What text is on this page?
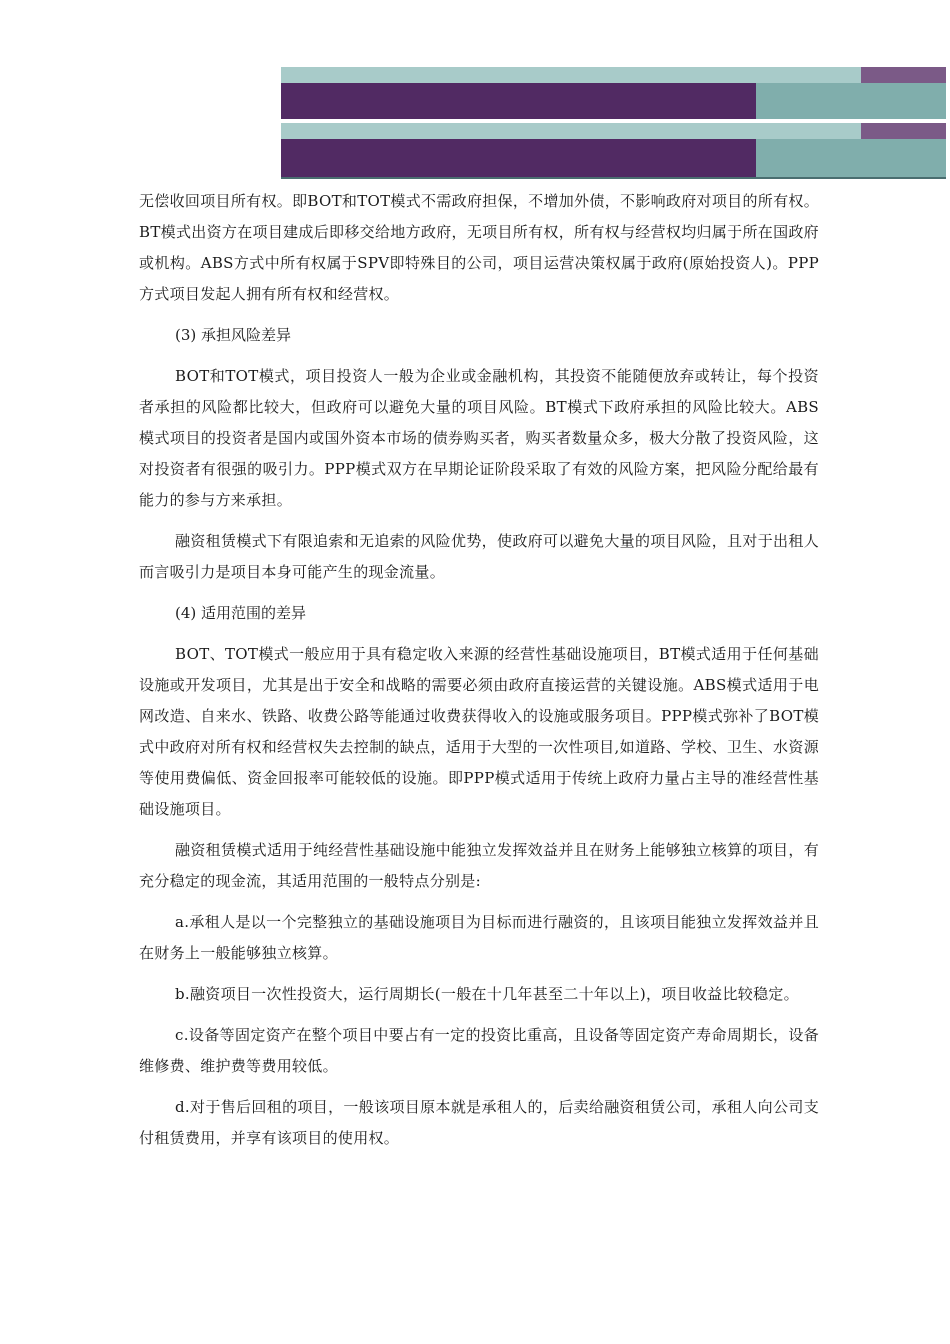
无偿收回项目所有权。即BOT和TOT模式不需政府担保，不增加外债，不影响政府对项目的所有权。BT模式出资方在项目建成后即移交给地方政府，无项目所有权，所有权与经营权均归属于所在国政府或机构。ABS方式中所有权属于SPV即特殊目的公司，项目运营决策权属于政府(原始投资人)。PPP方式项目发起人拥有所有权和经营权。

(3) 承担风险差异

BOT和TOT模式，项目投资人一般为企业或金融机构，其投资不能随便放弃或转让，每个投资者承担的风险都比较大，但政府可以避免大量的项目风险。BT模式下政府承担的风险比较大。ABS模式项目的投资者是国内或国外资本市场的债券购买者，购买者数量众多，极大分散了投资风险，这对投资者有很强的吸引力。PPP模式双方在早期论证阶段采取了有效的风险方案，把风险分配给最有能力的参与方来承担。

融资租赁模式下有限追索和无追索的风险优势，使政府可以避免大量的项目风险，且对于出租人而言吸引力是项目本身可能产生的现金流量。

(4) 适用范围的差异

BOT、TOT模式一般应用于具有稳定收入来源的经营性基础设施项目，BT模式适用于任何基础设施或开发项目，尤其是出于安全和战略的需要必须由政府直接运营的关键设施。ABS模式适用于电网改造、自来水、铁路、收费公路等能通过收费获得收入的设施或服务项目。PPP模式弥补了BOT模式中政府对所有权和经营权失去控制的缺点，适用于大型的一次性项目,如道路、学校、卫生、水资源等使用费偏低、资金回报率可能较低的设施。即PPP模式适用于传统上政府力量占主导的准经营性基础设施项目。

融资租赁模式适用于纯经营性基础设施中能独立发挥效益并且在财务上能够独立核算的项目，有充分稳定的现金流，其适用范围的一般特点分别是:

a.承租人是以一个完整独立的基础设施项目为目标而进行融资的，且该项目能独立发挥效益并且在财务上一般能够独立核算。

b.融资项目一次性投资大，运行周期长(一般在十几年甚至二十年以上)，项目收益比较稳定。

c.设备等固定资产在整个项目中要占有一定的投资比重高，且设备等固定资产寿命周期长，设备维修费、维护费等费用较低。

d.对于售后回租的项目，一般该项目原本就是承租人的，后卖给融资租赁公司，承租人向公司支付租赁费用，并享有该项目的使用权。
